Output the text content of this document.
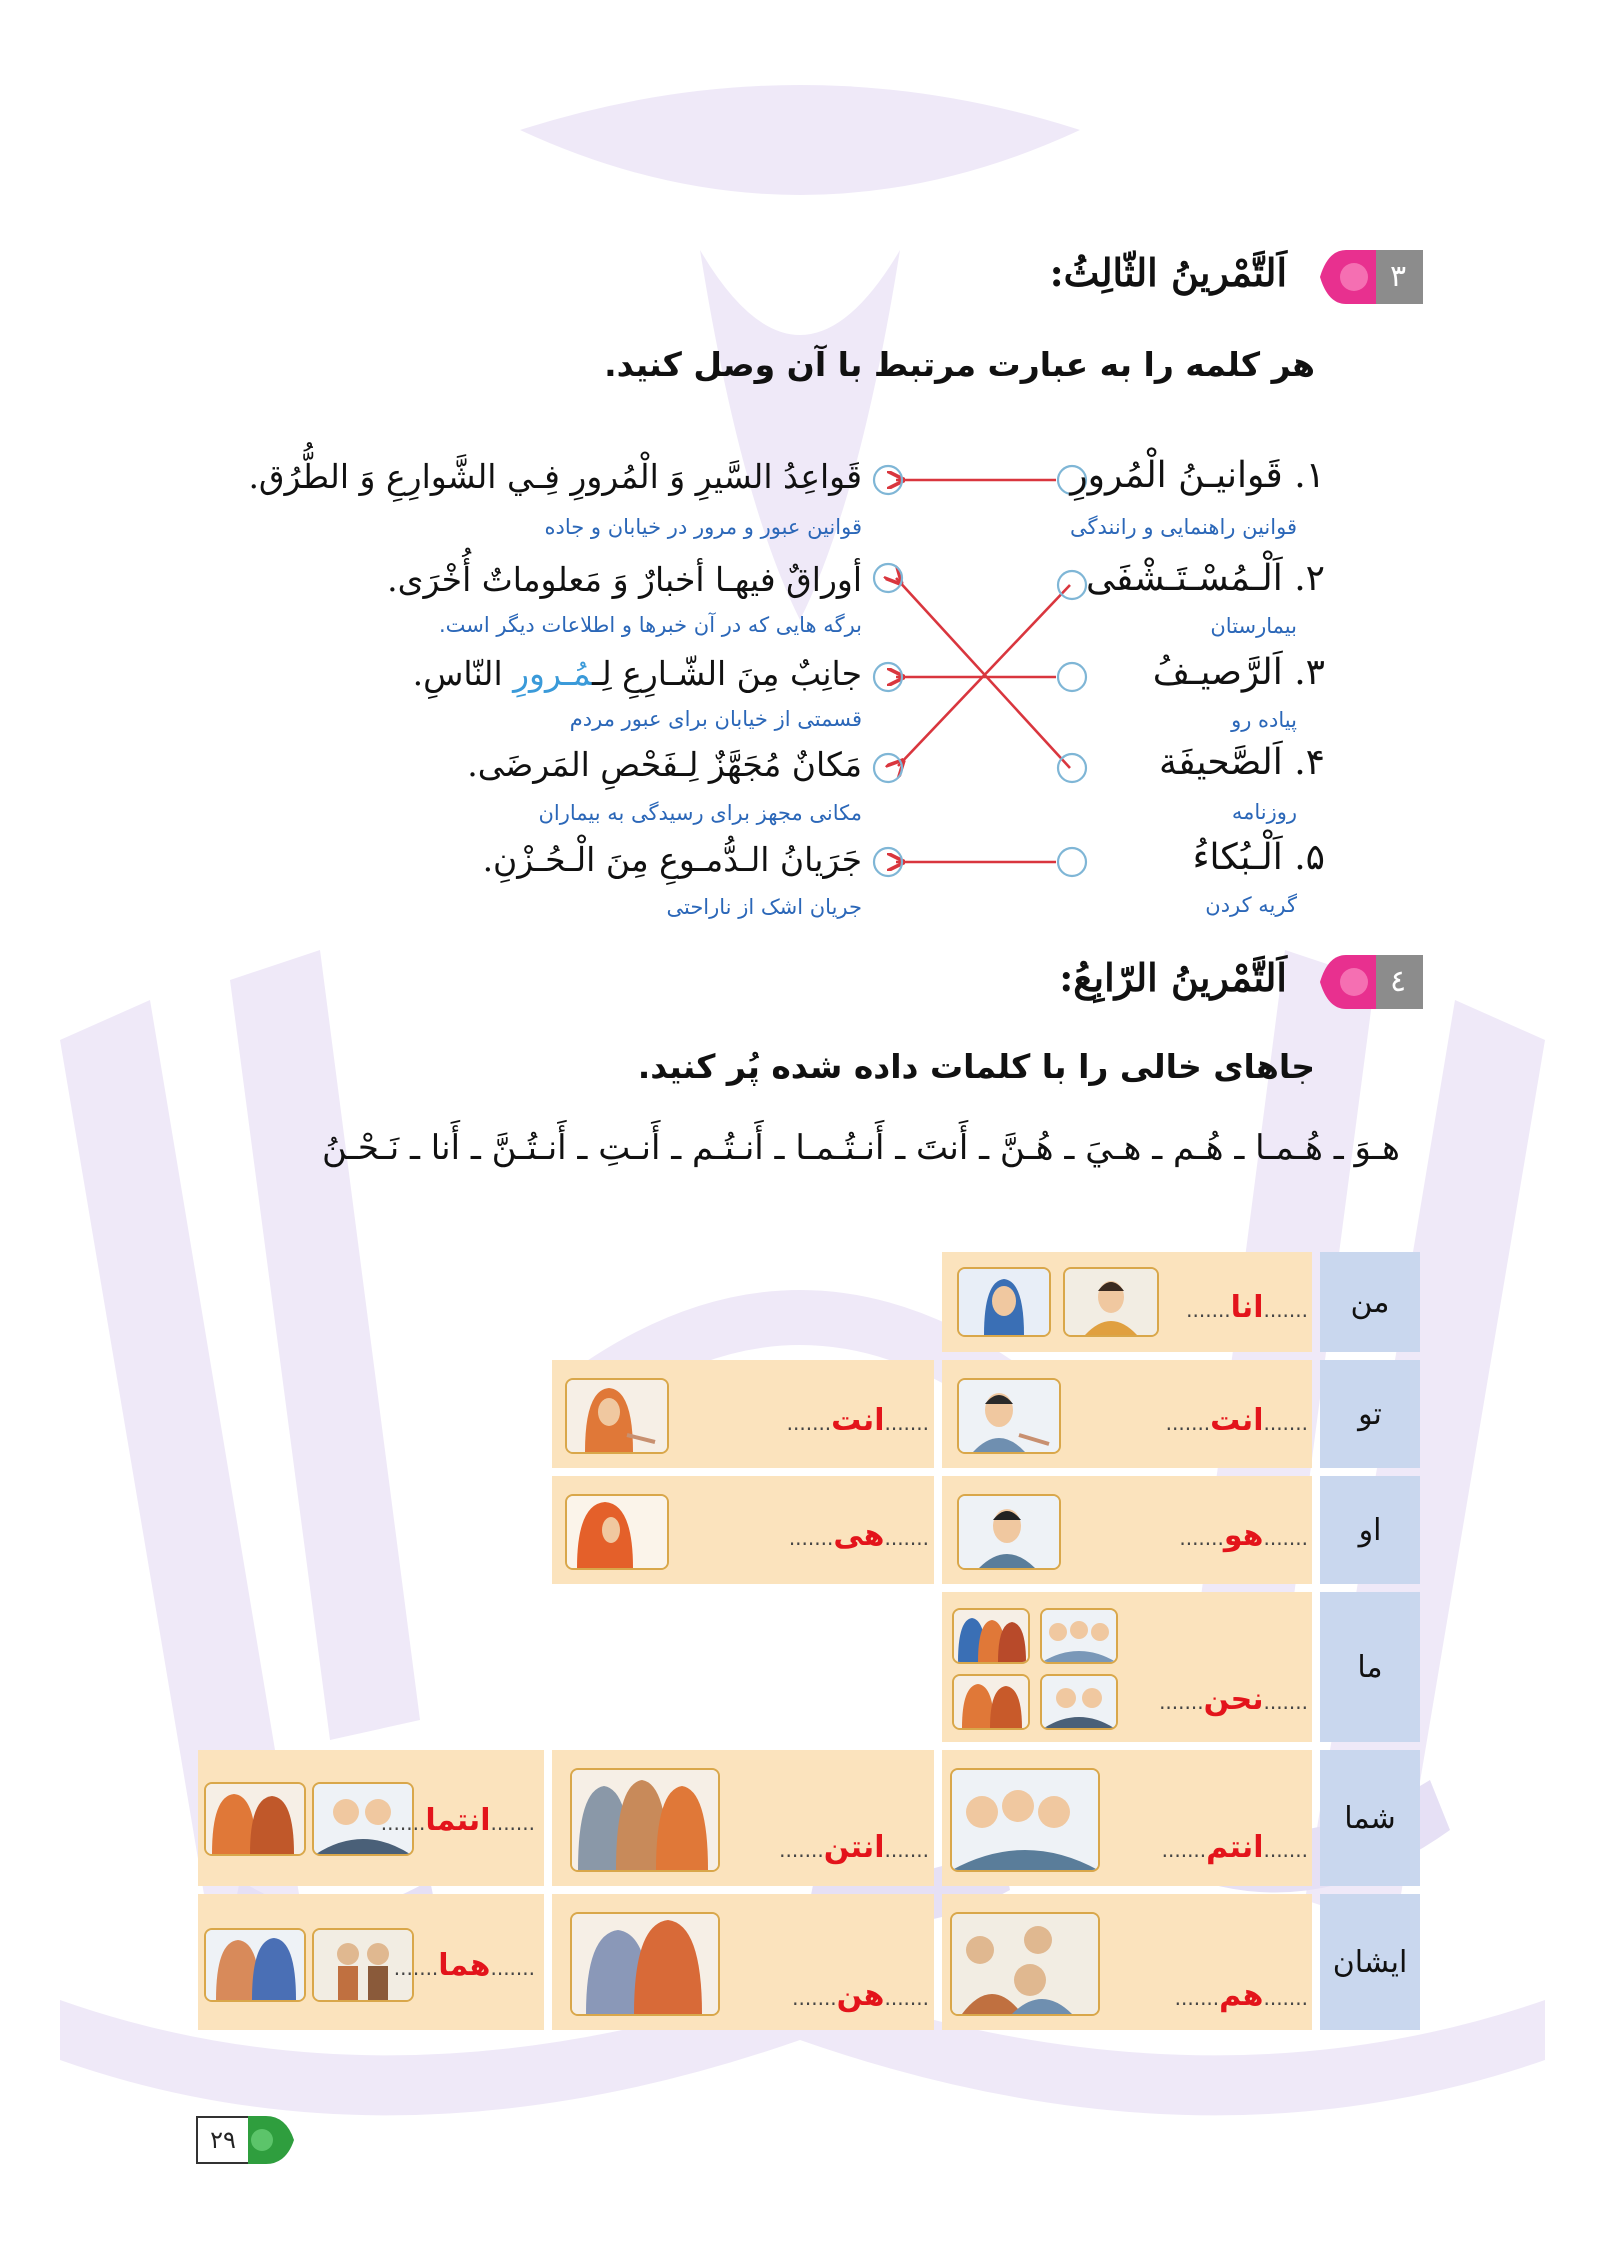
۳
اَلتَّمْرینُ الثّالِثُ:
هر کلمه را به عبارت مرتبط با آن وصل کنید.
۱. قَوانیـنُ الْمُرورِ
قوانین راهنمایی و رانندگی
۲. اَلْـمُسْـتَـشْفَی
بیمارستان
۳. اَلرَّصیـفُ
پیاده رو
۴. اَلصَّحیفَة
روزنامه
۵. اَلْـبُكاءُ
گریه کردن
قَواعِدُ السَّیرِ وَ الْمُرورِ فِـي الشَّوارِعِ وَ الطُّرُق.
قوانین عبور و مرور در خیابان و جاده
أوراقٌ فیهـا أخبارٌ وَ مَعلوماتٌ أُخْرَی.
برگه هایی که در آن خبرها و اطلاعات دیگر است.
جانِبٌ مِنَ الشّـارِعِ لِـمُـرورِ النّاسِ.
قسمتی از خیابان برای عبور مردم
مَكانٌ مُجَهَّزٌ لِـفَحْصِ المَرضَی.
مکانی مجهز برای رسیدگی به بیماران
جَرَیانُ الـدُّمـوعِ مِنَ الْـحُـزْنِ.
جریان اشک از ناراحتی
٤
اَلتَّمْرینُ الرّابِعُ:
جاهای خالی را با کلمات داده شده پُر کنید.
هـوَ ـ هُـمـا ـ هُـم ـ هـيَ ـ هُـنَّ ـ أَنتَ ـ أَنـتُـمـا ـ أَنـتُـم ـ أَنـتِ ـ أَنـتُـنَّ ـ أَنا ـ نَـحْـنُ
من
.......انا.......
تو
.......انت.......
.......انت.......
او
.......هو.......
.......هی.......
ما
.......نحن.......
شما
.......انتم.......
.......انتن.......
.......انتما.......
ایشان
.......هم.......
.......هن.......
.......هما.......
۲۹
